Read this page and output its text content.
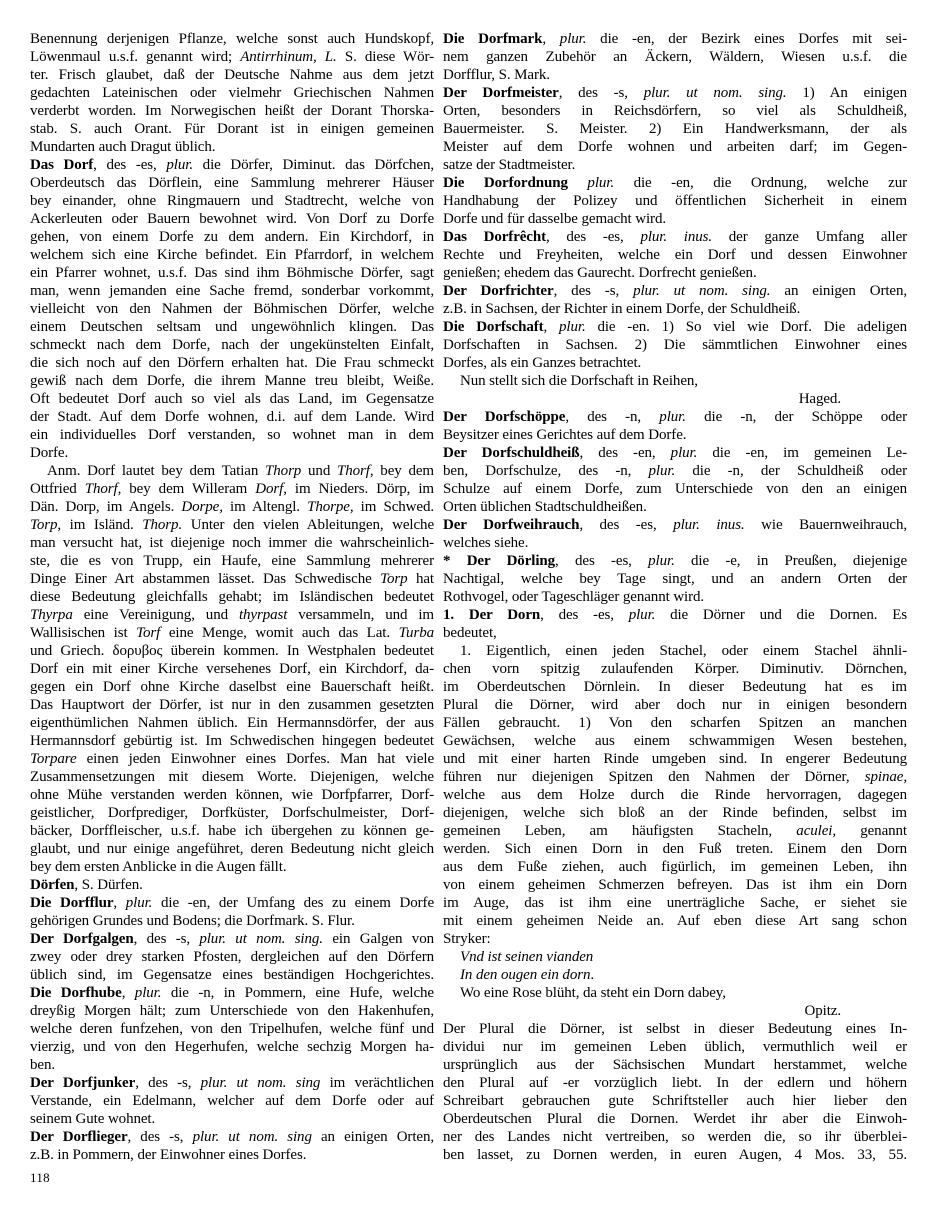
Benennung derjenigen Pflanze, welche sonst auch Hundskopf,
Löwenmaul u.s.f. genannt wird; Antirrhinum, L. S. diese Wör-
ter. Frisch glaubet, daß der Deutsche Nahme aus dem jetzt
gedachten Lateinischen oder vielmehr Griechischen Nahmen
verderbt worden. Im Norwegischen heißt der Dorant Thorska-
stab. S. auch Orant. Für Dorant ist in einigen gemeinen
Mundarten auch Dragut üblich.
Das Dorf, des -es, plur. die Dörfer, Diminut. das Dörfchen,
Oberdeutsch das Dörflein, eine Sammlung mehrerer Häuser
bey einander, ohne Ringmauern und Stadtrecht, welche von
Ackerleuten oder Bauern bewohnet wird. Von Dorf zu Dorfe
gehen, von einem Dorfe zu dem andern. Ein Kirchdorf, in
welchem sich eine Kirche befindet. Ein Pfarrdorf, in welchem
ein Pfarrer wohnet, u.s.f. Das sind ihm Böhmische Dörfer, sagt
man, wenn jemanden eine Sache fremd, sonderbar vorkommt,
vielleicht von den Nahmen der Böhmischen Dörfer, welche
einem Deutschen seltsam und ungewöhnlich klingen. Das
schmeckt nach dem Dorfe, nach der ungekünstelten Einfalt,
die sich noch auf den Dörfern erhalten hat. Die Frau schmeckt
gewiß nach dem Dorfe, die ihrem Manne treu bleibt, Weiße.
Oft bedeutet Dorf auch so viel als das Land, im Gegensatze
der Stadt. Auf dem Dorfe wohnen, d.i. auf dem Lande. Wird
ein individuelles Dorf verstanden, so wohnet man in dem
Dorfe.
Anm. Dorf lautet bey dem Tatian Thorp und Thorf, bey dem
Ottfried Thorf, bey dem Willeram Dorf, im Nieders. Dörp, im
Dän. Dorp, im Angels. Dorpe, im Altengl. Thorpe, im Schwed.
Torp, im Isländ. Thorp. Unter den vielen Ableitungen, welche
man versucht hat, ist diejenige noch immer die wahrscheinlich-
ste, die es von Trupp, ein Haufe, eine Sammlung mehrerer
Dinge Einer Art abstammen lässet. Das Schwedische Torp hat
diese Bedeutung gleichfalls gehabt; im Isländischen bedeutet
Thyrpa eine Vereinigung, und thyrpast versammeln, und im
Wallisischen ist Torf eine Menge, womit auch das Lat. Turba
und Griech. δορυβος überein kommen. In Westphalen bedeutet
Dorf ein mit einer Kirche versehenes Dorf, ein Kirchdorf, da-
gegen ein Dorf ohne Kirche daselbst eine Bauerschaft heißt.
Das Hauptwort der Dörfer, ist nur in den zusammen gesetzten
eigenthümlichen Nahmen üblich. Ein Hermannsdörfer, der aus
Hermannsdorf gebürtig ist. Im Schwedischen hingegen bedeutet
Torpare einen jeden Einwohner eines Dorfes. Man hat viele
Zusammensetzungen mit diesem Worte. Diejenigen, welche
ohne Mühe verstanden werden können, wie Dorfpfarrer, Dorf-
geistlicher, Dorfprediger, Dorfküster, Dorfschulmeister, Dorf-
bäcker, Dorffleischer, u.s.f. habe ich übergehen zu können ge-
glaubt, und nur einige angeführet, deren Bedeutung nicht gleich
bey dem ersten Anblicke in die Augen fällt.
Dörfen, S. Dürfen.
Die Dorfflur, plur. die -en, der Umfang des zu einem Dorfe
gehörigen Grundes und Bodens; die Dorfmark. S. Flur.
Der Dorfgalgen, des -s, plur. ut nom. sing. ein Galgen von
zwey oder drey starken Pfosten, dergleichen auf den Dörfern
üblich sind, im Gegensatze eines beständigen Hochgerichtes.
Die Dorfhube, plur. die -n, in Pommern, eine Hufe, welche
dreyßig Morgen hält; zum Unterschiede von den Hakenhufen,
welche deren funfzehen, von den Tripelhufen, welche fünf und
vierzig, und von den Hegerhufen, welche sechzig Morgen ha-
ben.
Der Dorfjunker, des -s, plur. ut nom. sing im verächtlichen
Verstande, ein Edelmann, welcher auf dem Dorfe oder auf
seinem Gute wohnet.
Der Dorflieger, des -s, plur. ut nom. sing an einigen Orten,
z.B. in Pommern, der Einwohner eines Dorfes.
Die Dorfmark, plur. die -en, der Bezirk eines Dorfes mit sei-
nem ganzen Zubehör an Äckern, Wäldern, Wiesen u.s.f. die
Dorfflur, S. Mark.
Der Dorfmeister, des -s, plur. ut nom. sing. 1) An einigen
Orten, besonders in Reichsdörfern, so viel als Schuldheiß,
Bauermeister. S. Meister. 2) Ein Handwerksmann, der als
Meister auf dem Dorfe wohnen und arbeiten darf; im Gegen-
satze der Stadtmeister.
Die Dorfordnung plur. die -en, die Ordnung, welche zur
Handhabung der Polizey und öffentlichen Sicherheit in einem
Dorfe und für dasselbe gemacht wird.
Das Dorfrêcht, des -es, plur. inus. der ganze Umfang aller
Rechte und Freyheiten, welche ein Dorf und dessen Einwohner
genießen; ehedem das Gaurecht. Dorfrecht genießen.
Der Dorfrichter, des -s, plur. ut nom. sing. an einigen Orten,
z.B. in Sachsen, der Richter in einem Dorfe, der Schuldheiß.
Die Dorfschaft, plur. die -en. 1) So viel wie Dorf. Die adeligen
Dorfschaften in Sachsen. 2) Die sämmtlichen Einwohner eines
Dorfes, als ein Ganzes betrachtet.
Nun stellt sich die Dorfschaft in Reihen,
Haged.
Der Dorfschöppe, des -n, plur. die -n, der Schöppe oder
Beysitzer eines Gerichtes auf dem Dorfe.
Der Dorfschuldheiß, des -en, plur. die -en, im gemeinen Le-
ben, Dorfschulze, des -n, plur. die -n, der Schuldheiß oder
Schulze auf einem Dorfe, zum Unterschiede von den an einigen
Orten üblichen Stadtschuldheißen.
Der Dorfweihrauch, des -es, plur. inus. wie Bauernweihrauch,
welches siehe.
* Der Dörling, des -es, plur. die -e, in Preußen, diejenige
Nachtigal, welche bey Tage singt, und an andern Orten der
Rothvogel, oder Tageschläger genannt wird.
1. Der Dorn, des -es, plur. die Dörner und die Dornen. Es
bedeutet,
1. Eigentlich, einen jeden Stachel, oder einem Stachel ähnli-
chen vorn spitzig zulaufenden Körper. Diminutiv. Dörnchen,
im Oberdeutschen Dörnlein. In dieser Bedeutung hat es im
Plural die Dörner, wird aber doch nur in einigen besondern
Fällen gebraucht. 1) Von den scharfen Spitzen an manchen
Gewächsen, welche aus einem schwammigen Wesen bestehen,
und mit einer harten Rinde umgeben sind. In engerer Bedeutung
führen nur diejenigen Spitzen den Nahmen der Dörner, spinae,
welche aus dem Holze durch die Rinde hervorragen, dagegen
diejenigen, welche sich bloß an der Rinde befinden, selbst im
gemeinen Leben, am häufigsten Stacheln, aculei, genannt
werden. Sich einen Dorn in den Fuß treten. Einem den Dorn
aus dem Fuße ziehen, auch figürlich, im gemeinen Leben, ihn
von einem geheimen Schmerzen befreyen. Das ist ihm ein Dorn
im Auge, das ist ihm eine unerträgliche Sache, er siehet sie
mit einem geheimen Neide an. Auf eben diese Art sang schon
Stryker:
Vnd ist seinen vianden
In den ougen ein dorn.
Wo eine Rose blüht, da steht ein Dorn dabey,
Opitz.
Der Plural die Dörner, ist selbst in dieser Bedeutung eines In-
dividui nur im gemeinen Leben üblich, vermuthlich weil er
ursprünglich aus der Sächsischen Mundart herstammet, welche
den Plural auf -er vorzüglich liebt. In der edlern und höhern
Schreibart gebrauchen gute Schriftsteller auch hier lieber den
Oberdeutschen Plural die Dornen. Werdet ihr aber die Einwoh-
ner des Landes nicht vertreiben, so werden die, so ihr überblei-
ben lasset, zu Dornen werden, in euren Augen, 4 Mos. 33, 55.
118
